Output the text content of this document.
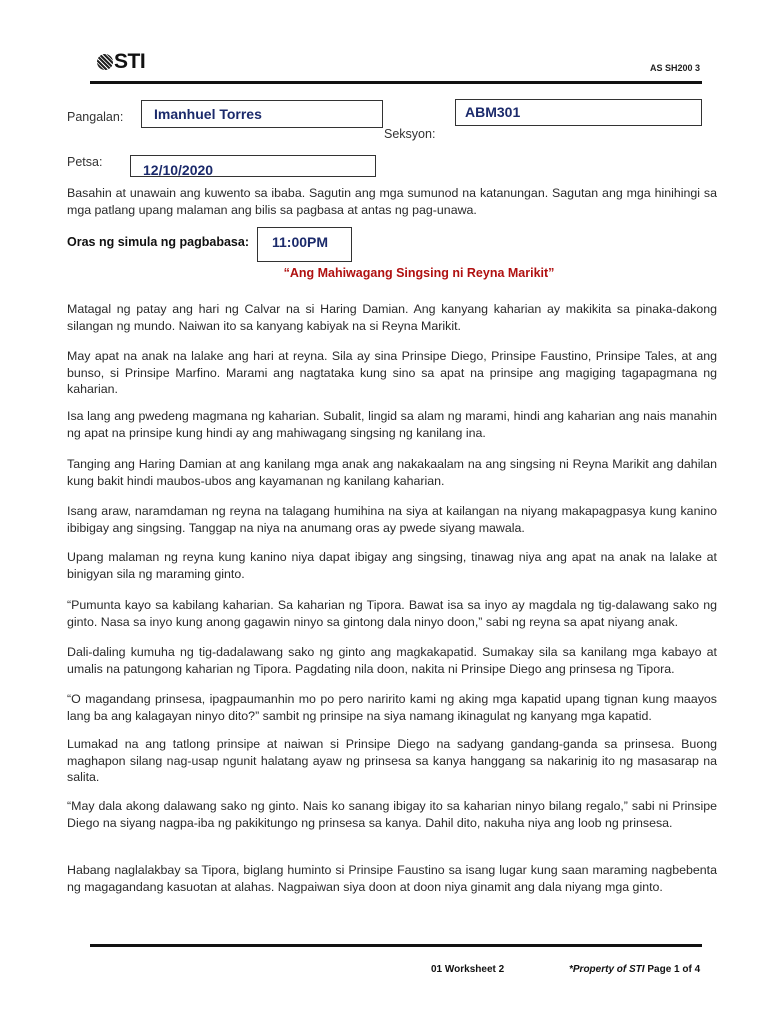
STI	AS SH200 3
Pangalan:	Imanhuel Torres
Seksyon:
ABM301
Petsa:	12/10/2020
Basahin at unawain ang kuwento sa ibaba. Sagutin ang mga sumunod na katanungan. Sagutan ang mga hinihingi sa mga patlang upang malaman ang bilis sa pagbasa at antas ng pag-unawa.
Oras ng simula ng pagbabasa:	11:00PM
“Ang Mahiwagang Singsing ni Reyna Marikit”
Matagal ng patay ang hari ng Calvar na si Haring Damian. Ang kanyang kaharian ay makikita sa pinaka-dakong silangan ng mundo. Naiwan ito sa kanyang kabiyak na si Reyna Marikit.
May apat na anak na lalake ang hari at reyna. Sila ay sina Prinsipe Diego, Prinsipe Faustino, Prinsipe Tales, at ang bunso, si Prinsipe Marfino. Marami ang nagtataka kung sino sa apat na prinsipe ang magiging tagapagmana ng kaharian.
Isa lang ang pwedeng magmana ng kaharian. Subalit, lingid sa alam ng marami, hindi ang kaharian ang nais manahin ng apat na prinsipe kung hindi ay ang mahiwagang singsing ng kanilang ina.
Tanging ang Haring Damian at ang kanilang mga anak ang nakakaalam na ang singsing ni Reyna Marikit ang dahilan kung bakit hindi maubos-ubos ang kayamanan ng kanilang kaharian.
Isang araw, naramdaman ng reyna na talagang humihina na siya at kailangan na niyang makapagpasya kung kanino ibibigay ang singsing. Tanggap na niya na anumang oras ay pwede siyang mawala.
Upang malaman ng reyna kung kanino niya dapat ibigay ang singsing, tinawag niya ang apat na anak na lalake at binigyan sila ng maraming ginto.
“Pumunta kayo sa kabilang kaharian. Sa kaharian ng Tipora. Bawat isa sa inyo ay magdala ng tig-dalawang sako ng ginto. Nasa sa inyo kung anong gagawin ninyo sa gintong dala ninyo doon,” sabi ng reyna sa apat niyang anak.
Dali-daling kumuha ng tig-dadalawang sako ng ginto ang magkakapatid. Sumakay sila sa kanilang mga kabayo at umalis na patungong kaharian ng Tipora. Pagdating nila doon, nakita ni Prinsipe Diego ang prinsesa ng Tipora.
“O magandang prinsesa, ipagpaumanhin mo po pero naririto kami ng aking mga kapatid upang tignan kung maayos lang ba ang kalagayan ninyo dito?” sambit ng prinsipe na siya namang ikinagulat ng kanyang mga kapatid.
Lumakad na ang tatlong prinsipe at naiwan si Prinsipe Diego na sadyang gandang-ganda sa prinsesa. Buong maghapon silang nag-usap ngunit halatang ayaw ng prinsesa sa kanya hanggang sa nakarinig ito ng masasarap na salita.
“May dala akong dalawang sako ng ginto. Nais ko sanang ibigay ito sa kaharian ninyo bilang regalo,” sabi ni Prinsipe Diego na siyang nagpa-iba ng pakikitungo ng prinsesa sa kanya. Dahil dito, nakuha niya ang loob ng prinsesa.
Habang naglalakbay sa Tipora, biglang huminto si Prinsipe Faustino sa isang lugar kung saan maraming nagbebenta ng magagandang kasuotan at alahas. Nagpaiwan siya doon at doon niya ginamit ang dala niyang mga ginto.
01 Worksheet 2	*Property of STI Page 1 of 4
